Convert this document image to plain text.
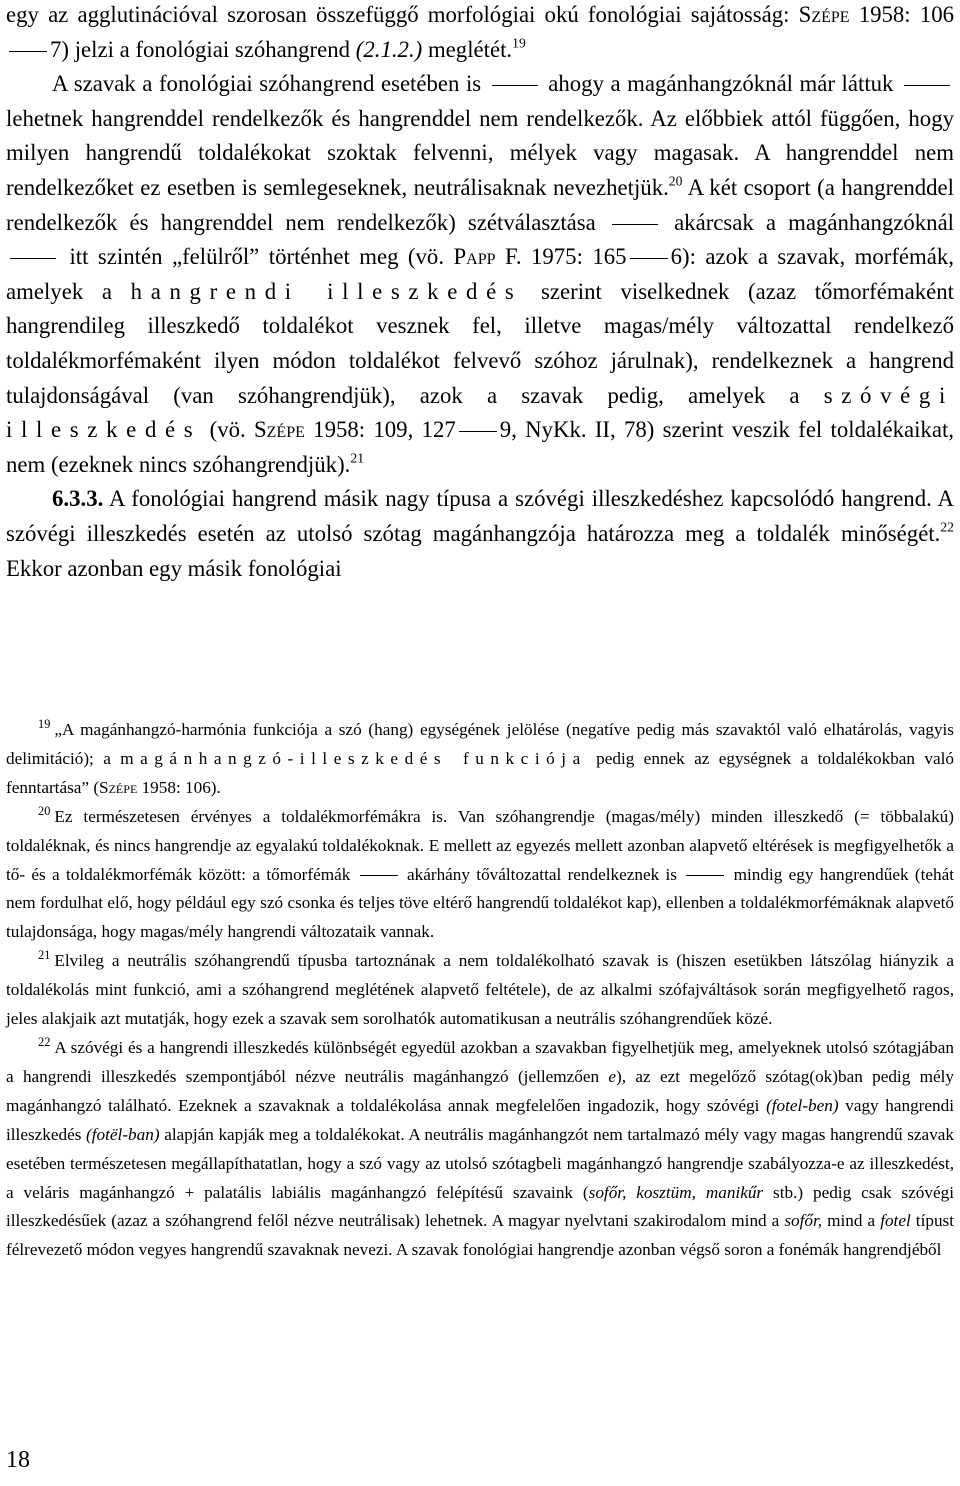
egy az agglutinációval szorosan összefüggő morfológiai okú fonológiai sajátosság: Szépe 1958: 1067) jelzi a fonológiai szóhangrend (2.1.2.) meglétét.$^{19}$

A szavak a fonológiai szóhangrend esetében is	ahogy a magánhangzóknál már láttuk  lehetnek hangrenddel rendelkezők és hangrenddel nem rendelkezők. Az előbbiek attól függően, hogy milyen hangrendű toldalékokat szoktak felvenni, mélyek vagy magasak. A hangrenddel nem rendelkezőket ez esetben is semlegeseknek, neutrálisaknak nevezhetjük.$^{20}$ A két csoport (a hangrenddel rendelkezők és hangrenddel nem rendelkezők) szétválasztása	akárcsak a magánhangzóknál  itt szintén „felülről” történhet meg (vö. Papp F. 1975: 165 6): azok a szavak, morfémák, amelyek a hangrendi illeszkedés szerint viselkednek (azaz tőmorfémaként hangrendileg illeszkedő toldalékot vesznek fel, illetve magas/mély változattal rendelkező toldalékmorfémaként ilyen módon toldalékot felvevő szóhoz járulnak), rendelkeznek a hangrend tulajdonságával (van szóhangrendjük), azok a szavak pedig, amelyek a szóvégi illeszkedés (vö. Szépe 1958: 109, 127 9, NyKk. II, 78) szerint veszik fel toldalékaikat, nem (ezeknek nincs szóhangrendjük).$^{21}$

6.3.3. A fonológiai hangrend másik nagy típusa a szóvégi illeszkedéshez kapcsolódó hangrend. A szóvégi illeszkedés esetén az utolsó szótag magánhangzója határozza meg a toldalék minőségét.$^{22}$ Ekkor azonban egy másik fonológiai

$^{19}$ „A magánhangzó-harmónia funkciója a szó (hang) egységének jelölése (negatíve pedig más szavaktól való elhatárolás, vagyis delimitáció); a magánhangzó-illeszkedés funkciója pedig ennek az egységnek a toldalékokban való fenntartása” (Szépe 1958: 106).

$^{20}$ Ez természetesen érvényes a toldalékmorfémákra is. Van szóhangrendje (magas/mély) minden illeszkedő (= többalakú) toldaléknak, és nincs hangrendje az egyalakú toldalékoknak. E mellett az egyezés mellett azonban alapvető eltérések is megfigyelhetők a tő- és a toldalékmorfémák között: a tőmorfémák	akárhány tőváltozattal rendelkeznek is	mindig egy hangrendűek (tehát nem fordulhat elő, hogy például egy szó csonka és teljes töve eltérő hangrendű toldalékot kap), ellenben a toldalékmorfémáknak alapvető tulajdonsága, hogy magas/mély hangrendi változataik vannak.

$^{21}$ Elvileg a neutrális szóhangrendű típusba tartoznának a nem toldalékolható szavak is (hiszen esetükben látszólag hiányzik a toldalékolás mint funkció, ami a szóhangrend meglétének alapvető feltétele), de az alkalmi szófajváltások során megfigyelhető ragos, jeles alakjaik azt mutatják, hogy ezek a szavak sem sorolhatók automatikusan a neutrális szóhangrendűek közé.

$^{22}$ A szóvégi és a hangrendi illeszkedés különbségét egyedül azokban a szavakban figyelhetjük meg, amelyeknek utolsó szótagjában a hangrendi illeszkedés szempontjából nézve neutrális magánhangzó (jellemzően e), az ezt megelőző szótag(ok)ban pedig mély magánhangzó található. Ezeknek a szavaknak a toldalékolása annak megfelelően ingadozik, hogy szóvégi (fotel-ben) vagy hangrendi illeszkedés (fotël-ban) alapján kapják meg a toldalékokat. A neutrális magánhangzót nem tartalmazó mély vagy magas hangrendű szavak esetében természetesen megállapíthatatlan, hogy a szó vagy az utolsó szótagbeli magánhangzó hangrendje szabályozza-e az illeszkedést, a veláris magánhangzó + palatális labiális magánhangzó felépítésű szavaink (sofőr, kosztüm, manikűr stb.) pedig csak szóvégi illeszkedésűek (azaz a szóhangrend felől nézve neutrálisak) lehetnek. A magyar nyelvtani szakirodalom mind a sofőr, mind a fotel típust félrevezető módon vegyes hangrendű szavaknak nevezi. A szavak fonológiai hangrendje azonban végső soron a fonémák hangrendjéből

18
